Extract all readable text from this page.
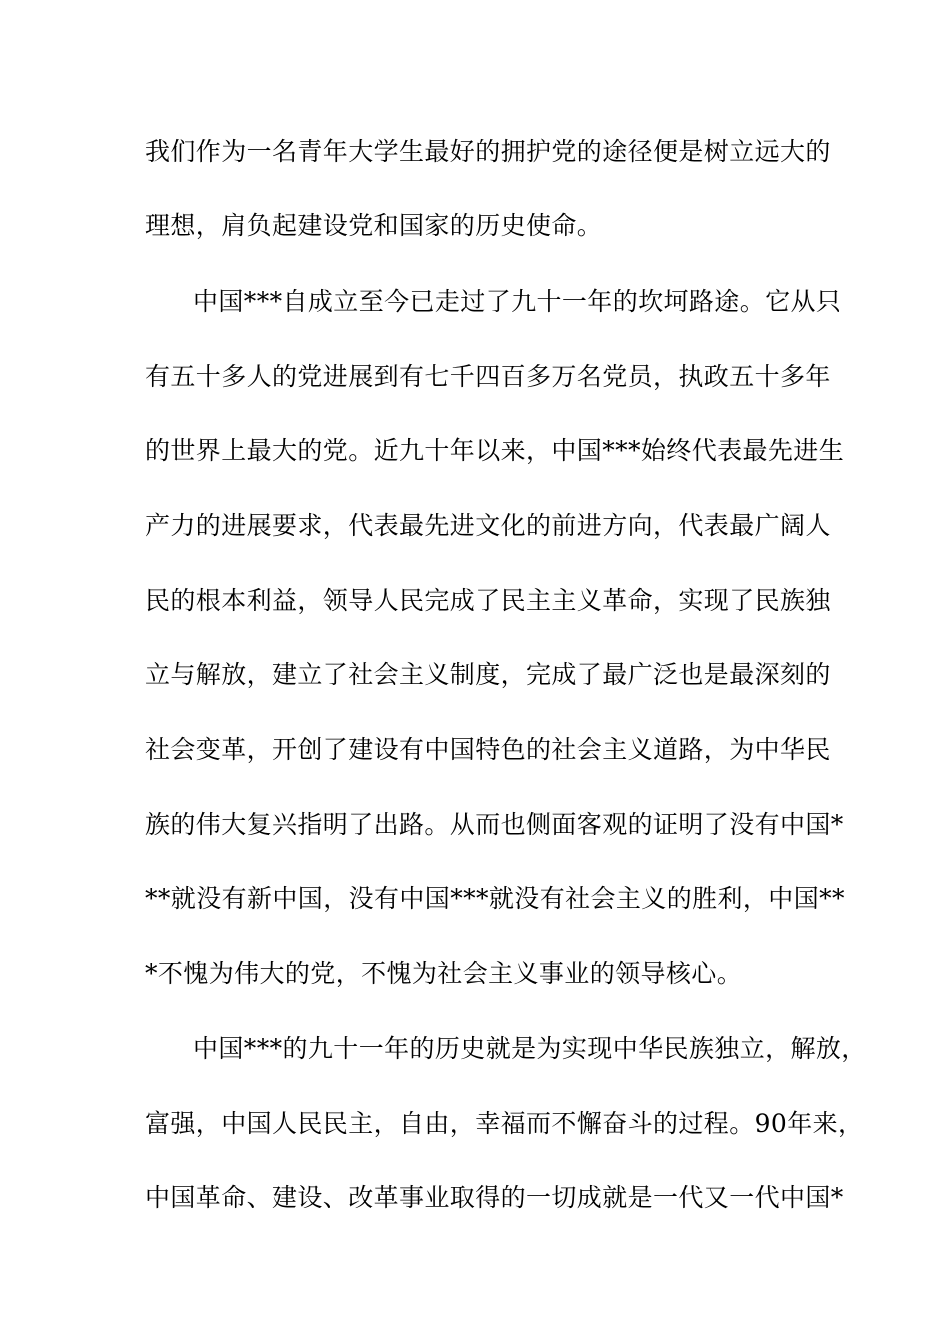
我们作为一名青年大学生最好的拥护党的途径便是树立远大的
理想，肩负起建设党和国家的历史使命。
中国***自成立至今已走过了九十一年的坎坷路途。它从只
有五十多人的党进展到有七千四百多万名党员，执政五十多年
的世界上最大的党。近九十年以来，中国***始终代表最先进生
产力的进展要求，代表最先进文化的前进方向，代表最广阔人
民的根本利益，领导人民完成了民主主义革命，实现了民族独
立与解放，建立了社会主义制度，完成了最广泛也是最深刻的
社会变革，开创了建设有中国特色的社会主义道路，为中华民
族的伟大复兴指明了出路。从而也侧面客观的证明了没有中国*
**就没有新中国，没有中国***就没有社会主义的胜利，中国**
*不愧为伟大的党，不愧为社会主义事业的领导核心。
中国***的九十一年的历史就是为实现中华民族独立，解放，
富强，中国人民民主，自由，幸福而不懈奋斗的过程。90年来，
中国革命、建设、改革事业取得的一切成就是一代又一代中国*
